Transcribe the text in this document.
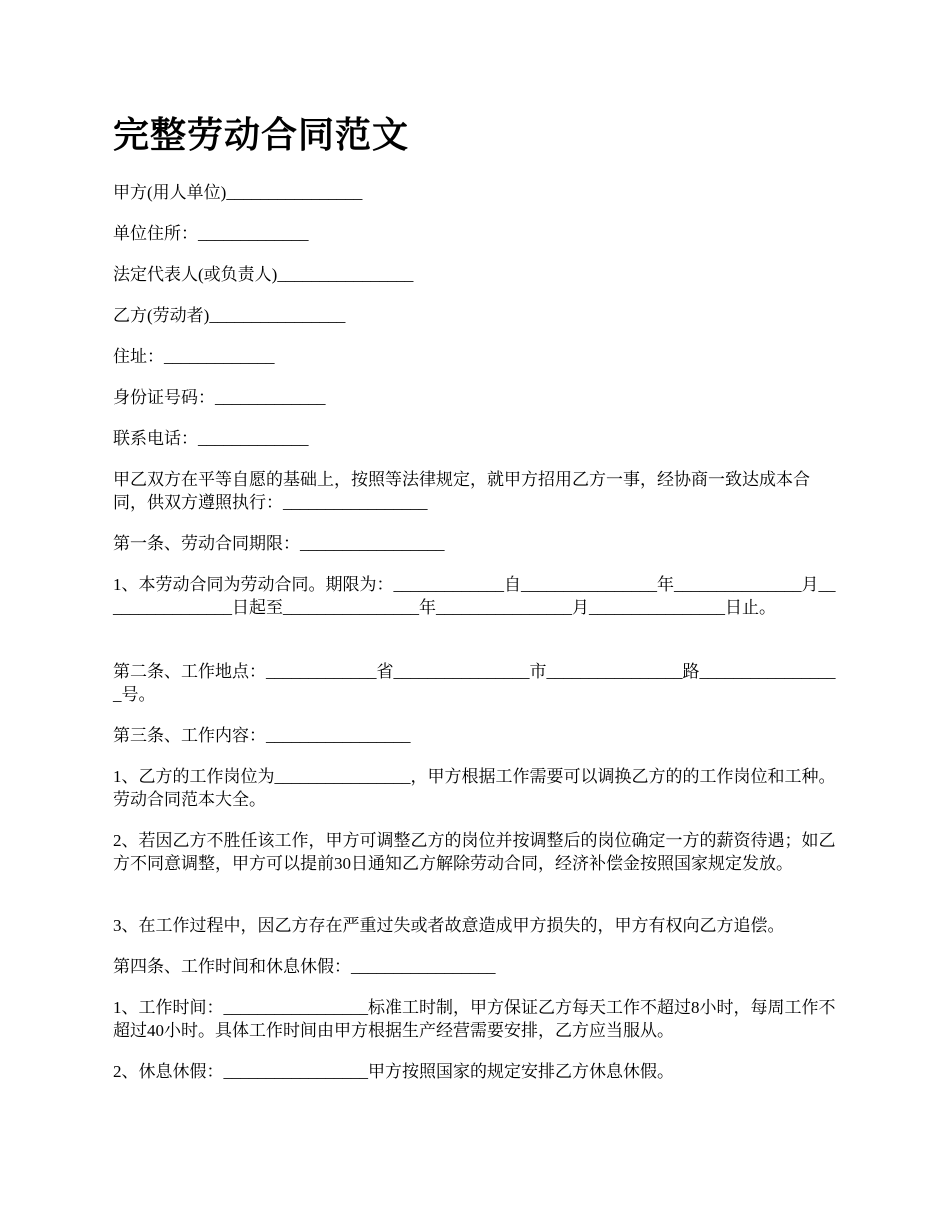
完整劳动合同范文

甲方(用人单位)________________

单位住所：_____________

法定代表人(或负责人)________________

乙方(劳动者)________________

住址：_____________

身份证号码：_____________

联系电话：_____________

甲乙双方在平等自愿的基础上，按照等法律规定，就甲方招用乙方一事，经协商一致达成本合同，供双方遵照执行：_________________

第一条、劳动合同期限：_________________

1、本劳动合同为劳动合同。期限为：_____________自________________年_______________月________________日起至________________年________________月________________日止。

第二条、工作地点：_____________省________________市________________路_________________号。

第三条、工作内容：_________________

1、乙方的工作岗位为________________，甲方根据工作需要可以调换乙方的的工作岗位和工种。劳动合同范本大全。

2、若因乙方不胜任该工作，甲方可调整乙方的岗位并按调整后的岗位确定一方的薪资待遇；如乙方不同意调整，甲方可以提前30日通知乙方解除劳动合同，经济补偿金按照国家规定发放。

3、在工作过程中，因乙方存在严重过失或者故意造成甲方损失的，甲方有权向乙方追偿。

第四条、工作时间和休息休假：_________________

1、工作时间：_________________标准工时制，甲方保证乙方每天工作不超过8小时，每周工作不超过40小时。具体工作时间由甲方根据生产经营需要安排，乙方应当服从。

2、休息休假：_________________甲方按照国家的规定安排乙方休息休假。
